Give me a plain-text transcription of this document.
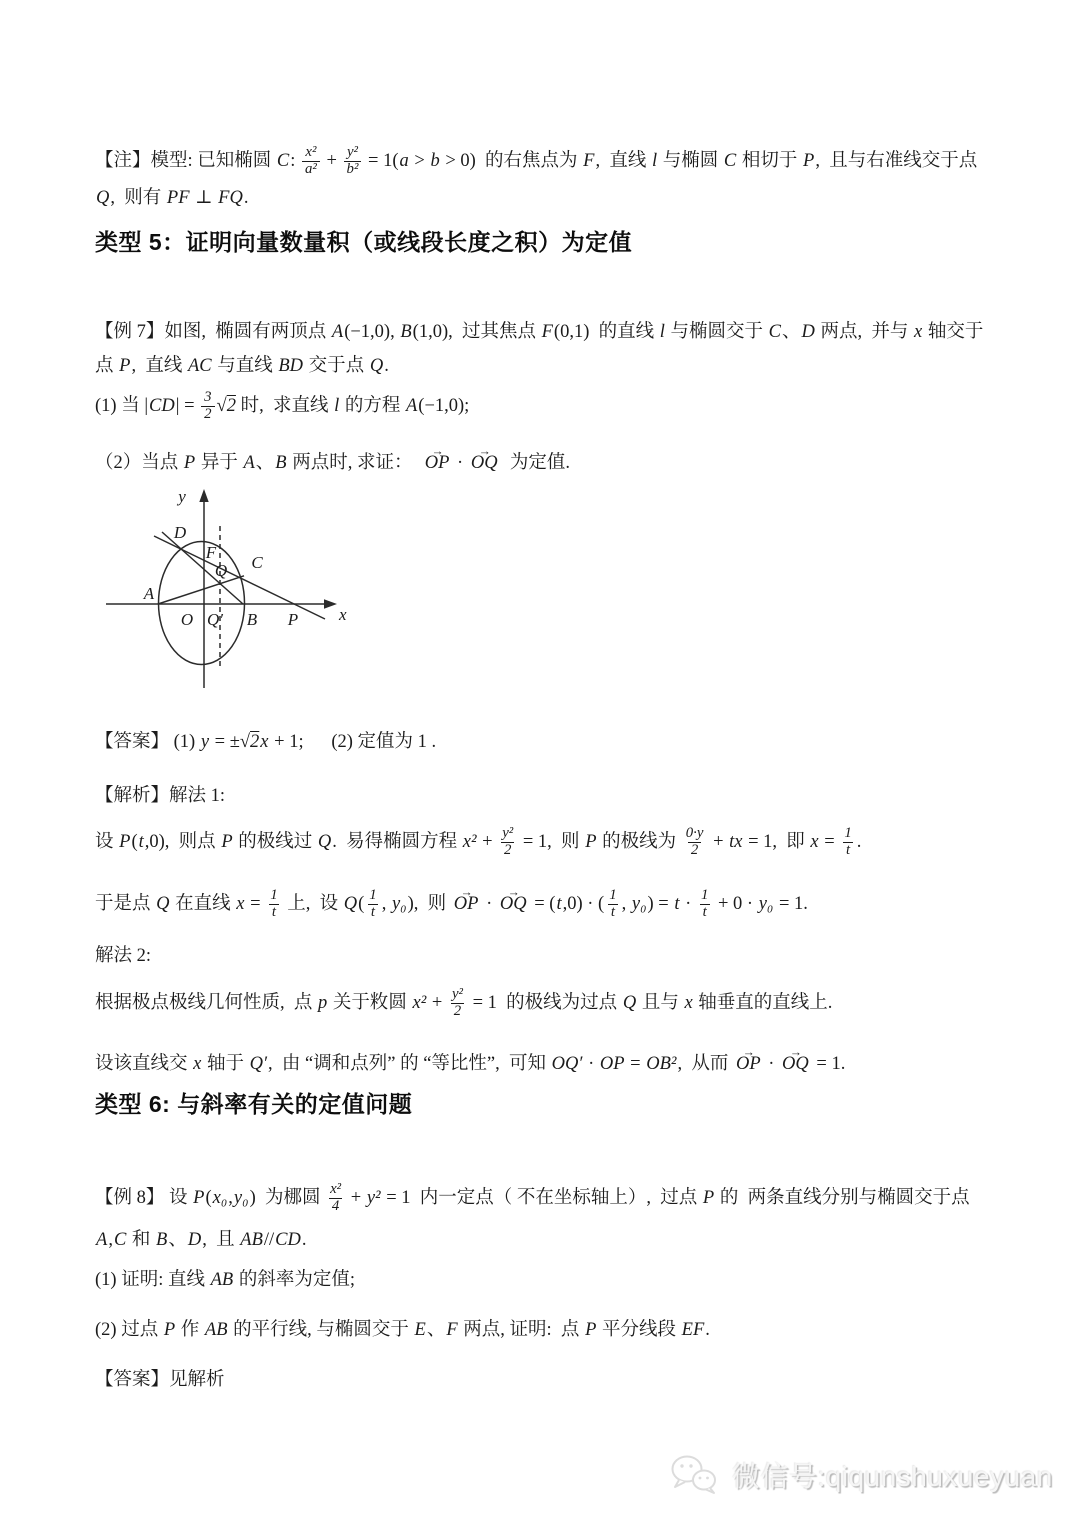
【注】模型: 已知椭圆 C: $\frac{\text{x²}}{\text{a²}} + \frac{\text{y²}}{\text{b²}} = 1(a > b > 0)$  的右焦点为 F,  直线 l 与椭圆 C 相切于 P,  且与右准线交于点 Q,  则有 PF ⊥ FQ.

类型 5：证明向量数量积（或线段长度之积）为定值

【例 7】如图,  椭圆有两顶点 A(−1,0), B(1,0),  过其焦点 F(0,1)  的直线 l 与椭圆交于 C、D 两点,  并与 x 轴交于点 P,  直线 AC 与直线 BD 交于点 Q.

(1) 当 $|CD| = \frac{3}{2} √2$ 时,  求直线 l 的方程 A(−1,0);

（2）当点 P 异于 A、B 两点时, 求证：  OP → · OQ →  为定值.

y
x
D
F
Q C
A
O Q′ B P

【答案】 (1) y = ±√2x + 1;      (2) 定值为 1 .

【解析】解法 1:

设 P(t,0),  则点 P 的极线过 Q.  易得椭圆方程 $x^2 + \frac{\text{y²}}{2} = 1$,  则 P 的极线为 $\frac{0\cdot y}{2}$ + tx = 1,  即 $x = \frac{1}{t}$ .

于是点 Q 在直线 $x = \frac{1}{t}$ 上,  设 $Q( \frac{1}{t}$ , y₀),  则 OP → · OQ → = (t,0) · ( $\frac{1}{t}$ , $y_0) = t \cdot \frac{1}{t} + 0 \cdot y_0 = 1$.

解法 2:

根据极点极线几何性质,  点 p 关于敉圆 $x^2 + \frac{\text{y²}}{2} = 1$  的极线为过点 Q 且与 x 轴垂直的直线上.

设该直线交 x 轴于 Q′,  由 “调和点列” 的 “等比性”,  可知 OQ′ · OP = OB²,  从而 OP → · OQ → = 1.

类型 6: 与斜率有关的定值问题

【例 8】 设 P(x₀,y₀)  为梛圆 $\frac{\text{x²}}{4} + y^2 = 1$  内一定点（ 不在坐标轴上）,  过点 P 的  两条直线分别与椭圆交于点 A,C 和 B、D,  且 AB//CD.

(1) 证明: 直线 AB 的斜率为定值;

(2) 过点 P 作 AB 的平行线, 与椭圆交于 E、F 两点, 证明:  点 P 平分线段 EF.

【答案】见解析

微信号:qiqunshuxueyuan
